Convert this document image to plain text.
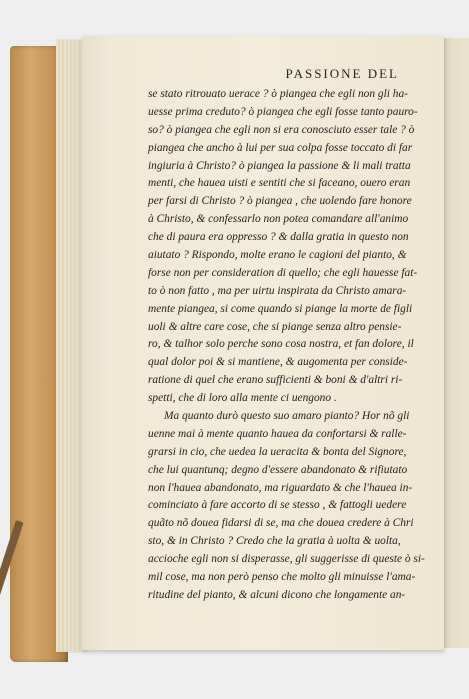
PASSIONE DEL
se stato ritrouato uerace ? ò piangea che egli non gli ha-
uesse prima creduto? ò piangea che egli fosse tanto pauro-
so? ò piangea che egli non si era conosciuto esser tale ? ò
piangea che ancho à lui per sua colpa fosse toccato di far
ingiuria à Christo? ò piangea la passione & li mali tratta
menti, che hauea uisti e sentiti che si faceano, ouero eran
per farsi di Christo ? ò piangea , che uolendo fare honore
à Christo, & confessarlo non potea comandare all'animo
che di paura era oppresso ? & dalla gratia in questo non
aiutato ? Rispondo, molte erano le cagioni del pianto, &
forse non per consideration di quello; che egli hauesse fat-
to ò non fatto , ma per uirtu inspirata da Christo amara-
mente piangea, si come quando si piange la morte de figli
uoli & altre care cose, che si piange senza altro pensie-
ro, & talhor solo perche sono cosa nostra, et fan dolore, il
qual dolor poi & si mantiene, & augomenta per conside-
ratione di quel che erano sufficienti & boni & d'altri ri-
spetti, che di loro alla mente ci uengono .
Ma quanto durò questo suo amaro pianto? Hor nõ gli
uenne mai à mente quanto hauea da confortarsi & ralle-
grarsi in cio, che uedea la ueracita & bonta del Signore,
che lui quantunq; degno d'essere abandonato & rifiutato
non l'hauea abandonato, ma riguardato & che l'hauea in-
cominciato à fare accorto di se stesso , & fattogli uedere
quãto nõ douea fidarsi di se, ma che douea credere à Chri
sto, & in Christo ? Credo che la gratia à uolta & uolta,
accioche egli non si disperasse, gli suggerisse di queste ò si-
mil cose, ma non però penso che molto gli minuisse l'ama-
ritudine del pianto, & alcuni dicono che longamente an-
